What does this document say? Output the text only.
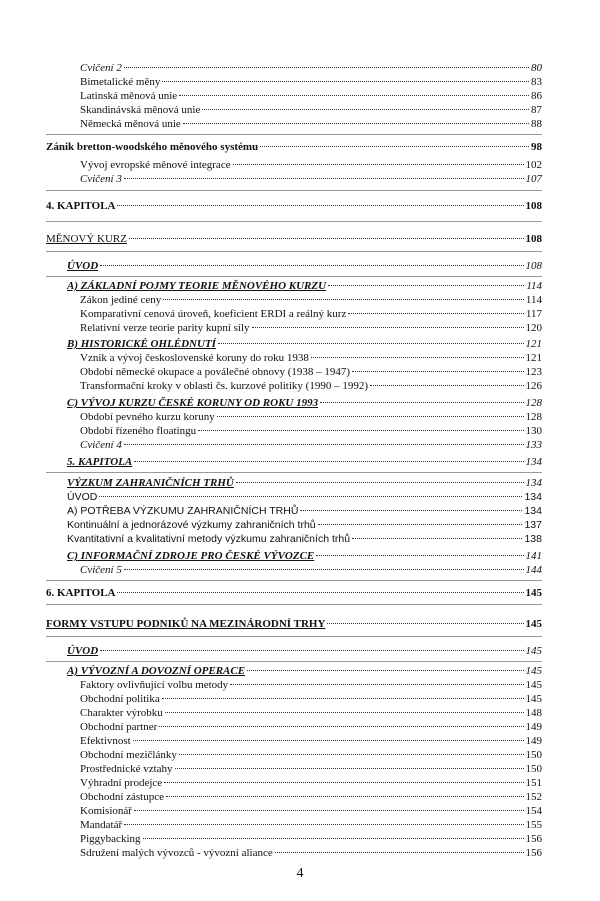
Cvičení 2	80
Bimetalické měny	83
Latinská měnová unie	86
Skandinávská měnová unie	87
Německá měnová unie	88
Zánik bretton-woodského měnového systému	98
Vývoj evropské měnové integrace	102
Cvičení 3	107
4. KAPITOLA	108
MĚNOVÝ KURZ	108
ÚVOD	108
A) ZÁKLADNÍ POJMY TEORIE MĚNOVÉHO KURZU	114
Zákon jediné ceny	114
Komparativní cenová úroveň, koeficient ERDI a reálný kurz	117
Relativní verze teorie parity kupní síly	120
B) HISTORICKÉ OHLÉDNUTÍ	121
Vznik a vývoj československé koruny do roku 1938	121
Období německé okupace a poválečné obnovy (1938 – 1947)	123
Transformační kroky v oblasti čs. kurzové politiky (1990 – 1992)	126
C) VÝVOJ KURZU ČESKÉ KORUNY OD ROKU 1993	128
Období pevného kurzu koruny	128
Období řízeného floatingu	130
Cvičení 4	133
5. KAPITOLA	134
VÝZKUM ZAHRANIČNÍCH TRHŮ	134
ÚVOD	134
A) POTŘEBA VÝZKUMU ZAHRANIČNÍCH TRHŮ	134
Kontinuální a jednorázové výzkumy zahraničních trhů	137
Kvantitativní a kvalitativní metody výzkumu zahraničních trhů	138
C) INFORMAČNÍ ZDROJE PRO ČESKÉ VÝVOZCE	141
Cvičení 5	144
6. KAPITOLA	145
FORMY VSTUPU PODNIKŮ NA MEZINÁRODNÍ TRHY	145
ÚVOD	145
A) VÝVOZNÍ A DOVOZNÍ OPERACE	145
Faktory ovlivňující volbu metody	145
Obchodní politika	145
Charakter výrobku	148
Obchodní partner	149
Efektivnost	149
Obchodní mezičlánky	150
Prostřednické vztahy	150
Výhradní prodejce	151
Obchodní zástupce	152
Komisionář	154
Mandatář	155
Piggybacking	156
Sdružení malých vývozců - vývozní aliance	156
4
